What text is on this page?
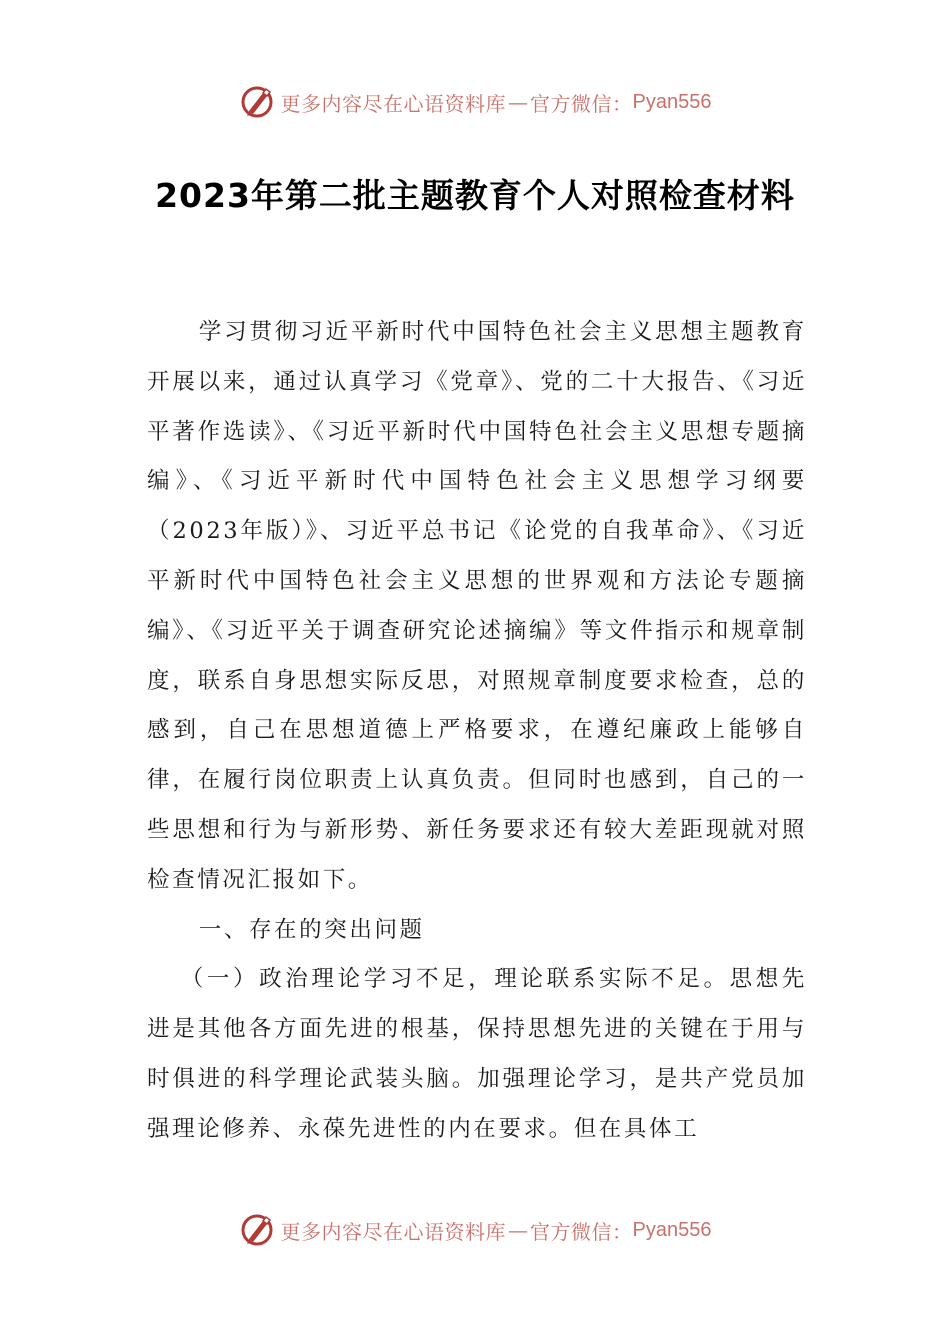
更多内容尽在心语资料库 — 官方微信： Pyan556
2023年第二批主题教育个人对照检查材料

学习贯彻习近平新时代中国特色社会主义思想主题教育开展以来，通过认真学习《党章》、党的二十大报告、《习近平著作选读》、《习近平新时代中国特色社会主义思想专题摘编》、《习近平新时代中国特色社会主义思想学习纲要（2023年版）》、习近平总书记《论党的自我革命》、《习近平新时代中国特色社会主义思想的世界观和方法论专题摘编》、《习近平关于调查研究论述摘编》等文件指示和规章制度，联系自身思想实际反思，对照规章制度要求检查，总的感到，自己在思想道德上严格要求，在遵纪廉政上能够自律，在履行岗位职责上认真负责。但同时也感到，自己的一些思想和行为与新形势、新任务要求还有较大差距现就对照检查情况汇报如下。

一、存在的突出问题

（一）政治理论学习不足，理论联系实际不足。思想先进是其他各方面先进的根基，保持思想先进的关键在于用与时俱进的科学理论武装头脑。加强理论学习，是共产党员加强理论修养、永葆先进性的内在要求。但在具体工

更多内容尽在心语资料库 — 官方微信： Pyan556
